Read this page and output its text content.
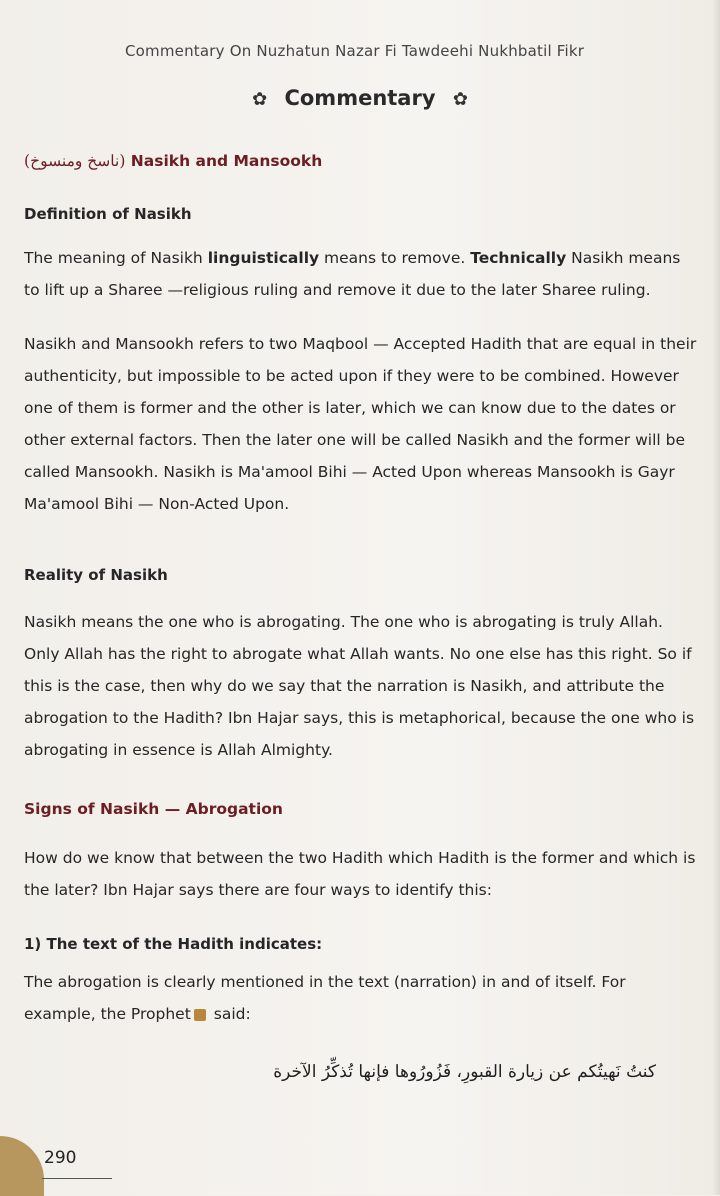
Commentary On Nuzhatun Nazar Fi Tawdeehi Nukhbatil Fikr
✿ Commentary ✿
(ناسخ ومنسوخ) Nasikh and Mansookh
Definition of Nasikh
The meaning of Nasikh linguistically means to remove. Technically Nasikh means to lift up a Sharee —religious ruling and remove it due to the later Sharee ruling.
Nasikh and Mansookh refers to two Maqbool — Accepted Hadith that are equal in their authenticity, but impossible to be acted upon if they were to be combined. However one of them is former and the other is later, which we can know due to the dates or other external factors. Then the later one will be called Nasikh and the former will be called Mansookh. Nasikh is Ma'amool Bihi — Acted Upon whereas Mansookh is Gayr Ma'amool Bihi — Non-Acted Upon.
Reality of Nasikh
Nasikh means the one who is abrogating. The one who is abrogating is truly Allah. Only Allah has the right to abrogate what Allah wants. No one else has this right. So if this is the case, then why do we say that the narration is Nasikh, and attribute the abrogation to the Hadith? Ibn Hajar says, this is metaphorical, because the one who is abrogating in essence is Allah Almighty.
Signs of Nasikh — Abrogation
How do we know that between the two Hadith which Hadith is the former and which is the later? Ibn Hajar says there are four ways to identify this:
1) The text of the Hadith indicates:
The abrogation is clearly mentioned in the text (narration) in and of itself. For example, the Prophet said:
كنتُ نَهيتُكم عن زيارة القبورِ، فَزُورُوها فإنها تُذكِّرُ الآخرة
290
